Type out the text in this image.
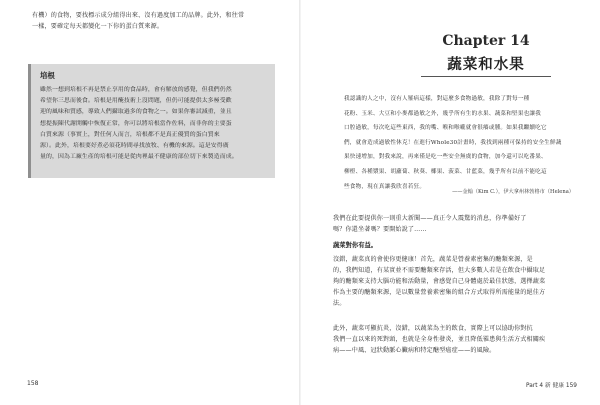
有機）的食物，要找標示成分組得出來、沒有過度加工的品牌。此外，和往常
一樣，要確定每天都變化一下你的蛋白質來源。

培根

雖然一想到培根不再是禁止享用的食品時，會有解放的感覺，但我們仍然
希望你三思而後食。培根是用醃技術上沒問題，但仍可能提供太多極受歡
迎的風味和質感，導致人們攝取過多的食物之一。如果你審試減重，並且
想提振陳代謝開觸中恢復正常，你可以將培根當作佐料，而非你的主要蛋
白質來源（事實上，對任何人而言，培根都不是真正優質的蛋白質來
源）。此外，培根要好煮必須花時間尋找放牧、有機的來源。這是安得廣
量的，因為工廠生產的培根可能是從肉裡最不健康的部位切下來製造而成。

158
Chapter 14
蔬菜和水果

我認識的人之中，沒有人罹病這樣，對這麼多食物過敏，我除了對每一種
花粉、玉米、大豆和小麥都過敏之外，幾乎所有生的水果、蔬菜和堅果也讓我
口腔過敏，每次吃這些東西，我的嘴、喉和喉嚨就會很癢或腫。如果我繼續吃它
們，就會造成過敏性休克！在進行Whole30計畫時，我找到兩種可保持的安全生鮮蔬
果快速增加，對我來說，再來僅是吃一些安全無虞的食物，加今還可以吃番果、
柳橙、各種漿果、胡蘿蔔、秋葵、椰果、菠菜、甘藍菜，幾乎所有以前不能吃這
些食物，現在真讓我欣喜若狂。

——金翰（Kim C.），伊大拿州林勃格市（Helena）

我們在此要提供你一則重大新聞——真正令人震驚的消息，你準備好了
嗎？你還坐著嗎？要開始說了……

蔬菜對你有益。

沒錯，蔬菜真的會使你更健康！首先，蔬菜是營養素密集的醣類來源，是
的，我們知道，有某實並不需要醣類來存活，但大多數人若是在飲食中攝取足
夠的醣類來支持大腦功能和活動量，會感覺自己身體處於最佳狀態，選擇蔬菜
作為主要的醣類來源，是以數量營養素密集的組合方式取得所需能量的絕佳方
法。

此外，蔬菜可顯抗炎，沒錯，以蔬菜為主的飲食，實際上可以協助你對抗
我們一直以來的死對頭，也就是全身性發炎，並且降低罹患與生活方式相關疾
病——中風、冠狀動脈心臟病和特定醣型癌症——的風險。

Part 4 新 健康 159
